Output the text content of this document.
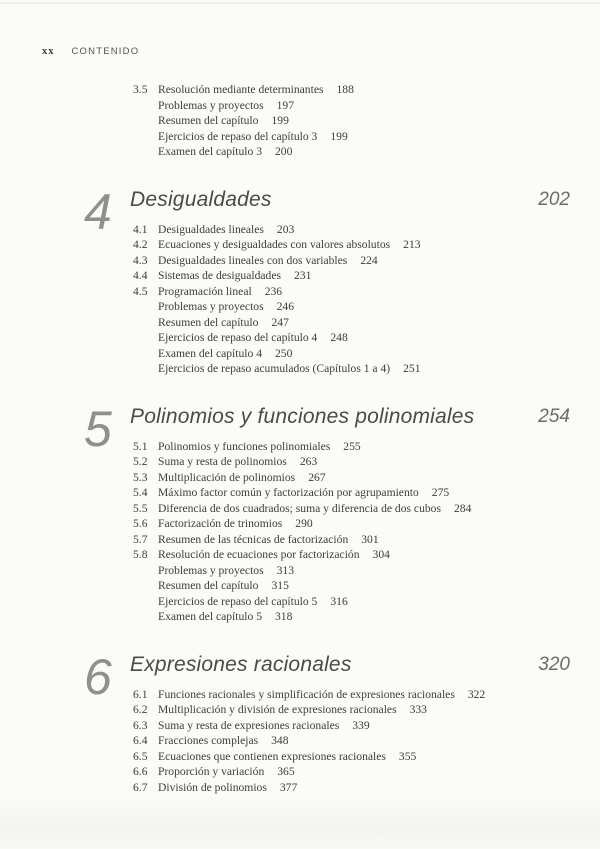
xx CONTENIDO
3.5 Resolución mediante determinantes 188
Problemas y proyectos 197
Resumen del capítulo 199
Ejercicios de repaso del capítulo 3 199
Examen del capítulo 3 200
4 Desigualdades	202
4.1 Desigualdades lineales 203
4.2 Ecuaciones y desigualdades con valores absolutos 213
4.3 Desigualdades lineales con dos variables 224
4.4 Sistemas de desigualdades 231
4.5 Programación lineal 236
Problemas y proyectos 246
Resumen del capítulo 247
Ejercicios de repaso del capítulo 4 248
Examen del capítulo 4 250
Ejercicios de repaso acumulados (Capítulos 1 a 4) 251
5 Polinomios y funciones polinomiales	254
5.1 Polinomios y funciones polinomiales 255
5.2 Suma y resta de polinomios 263
5.3 Multiplicación de polinomios 267
5.4 Máximo factor común y factorización por agrupamiento 275
5.5 Diferencia de dos cuadrados; suma y diferencia de dos cubos 284
5.6 Factorización de trinomios 290
5.7 Resumen de las técnicas de factorización 301
5.8 Resolución de ecuaciones por factorización 304
Problemas y proyectos 313
Resumen del capítulo 315
Ejercicios de repaso del capítulo 5 316
Examen del capítulo 5 318
6 Expresiones racionales	320
6.1 Funciones racionales y simplificación de expresiones racionales 322
6.2 Multiplicación y división de expresiones racionales 333
6.3 Suma y resta de expresiones racionales 339
6.4 Fracciones complejas 348
6.5 Ecuaciones que contienen expresiones racionales 355
6.6 Proporción y variación 365
6.7 División de polinomios 377
